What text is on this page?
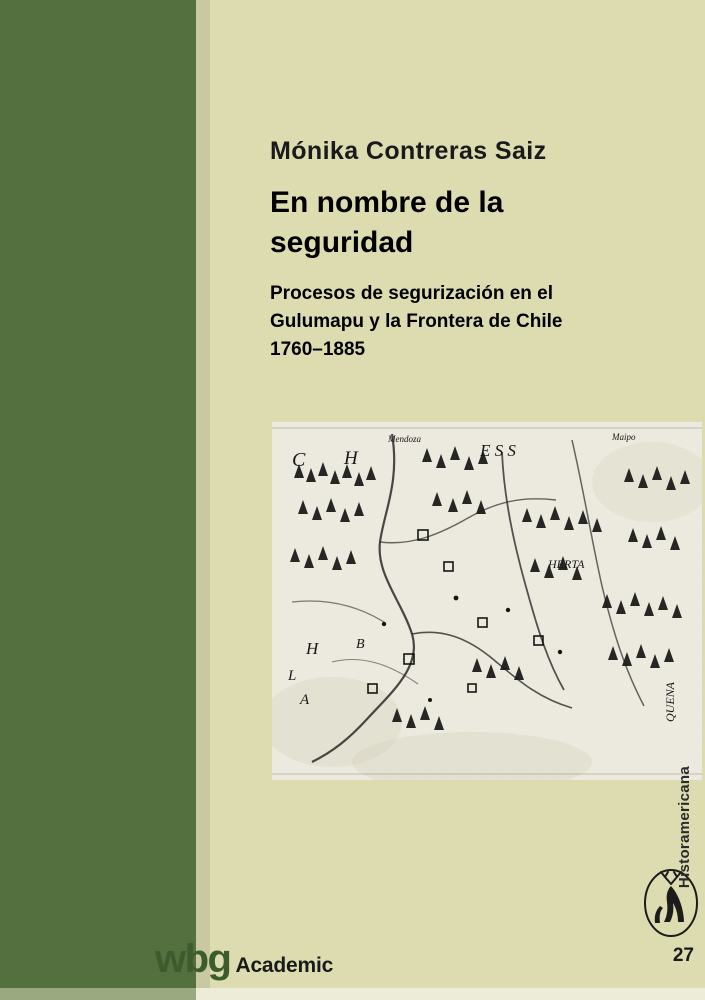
Mónika Contreras Saiz
En nombre de la
seguridad
Procesos de segurización en el
Gulumapu y la Frontera de Chile
1760–1885
C H	E S S
H
L
A
B
HERTA
Mendoza	Maipo
QUENA
wbg Academic
Historamericana
27
